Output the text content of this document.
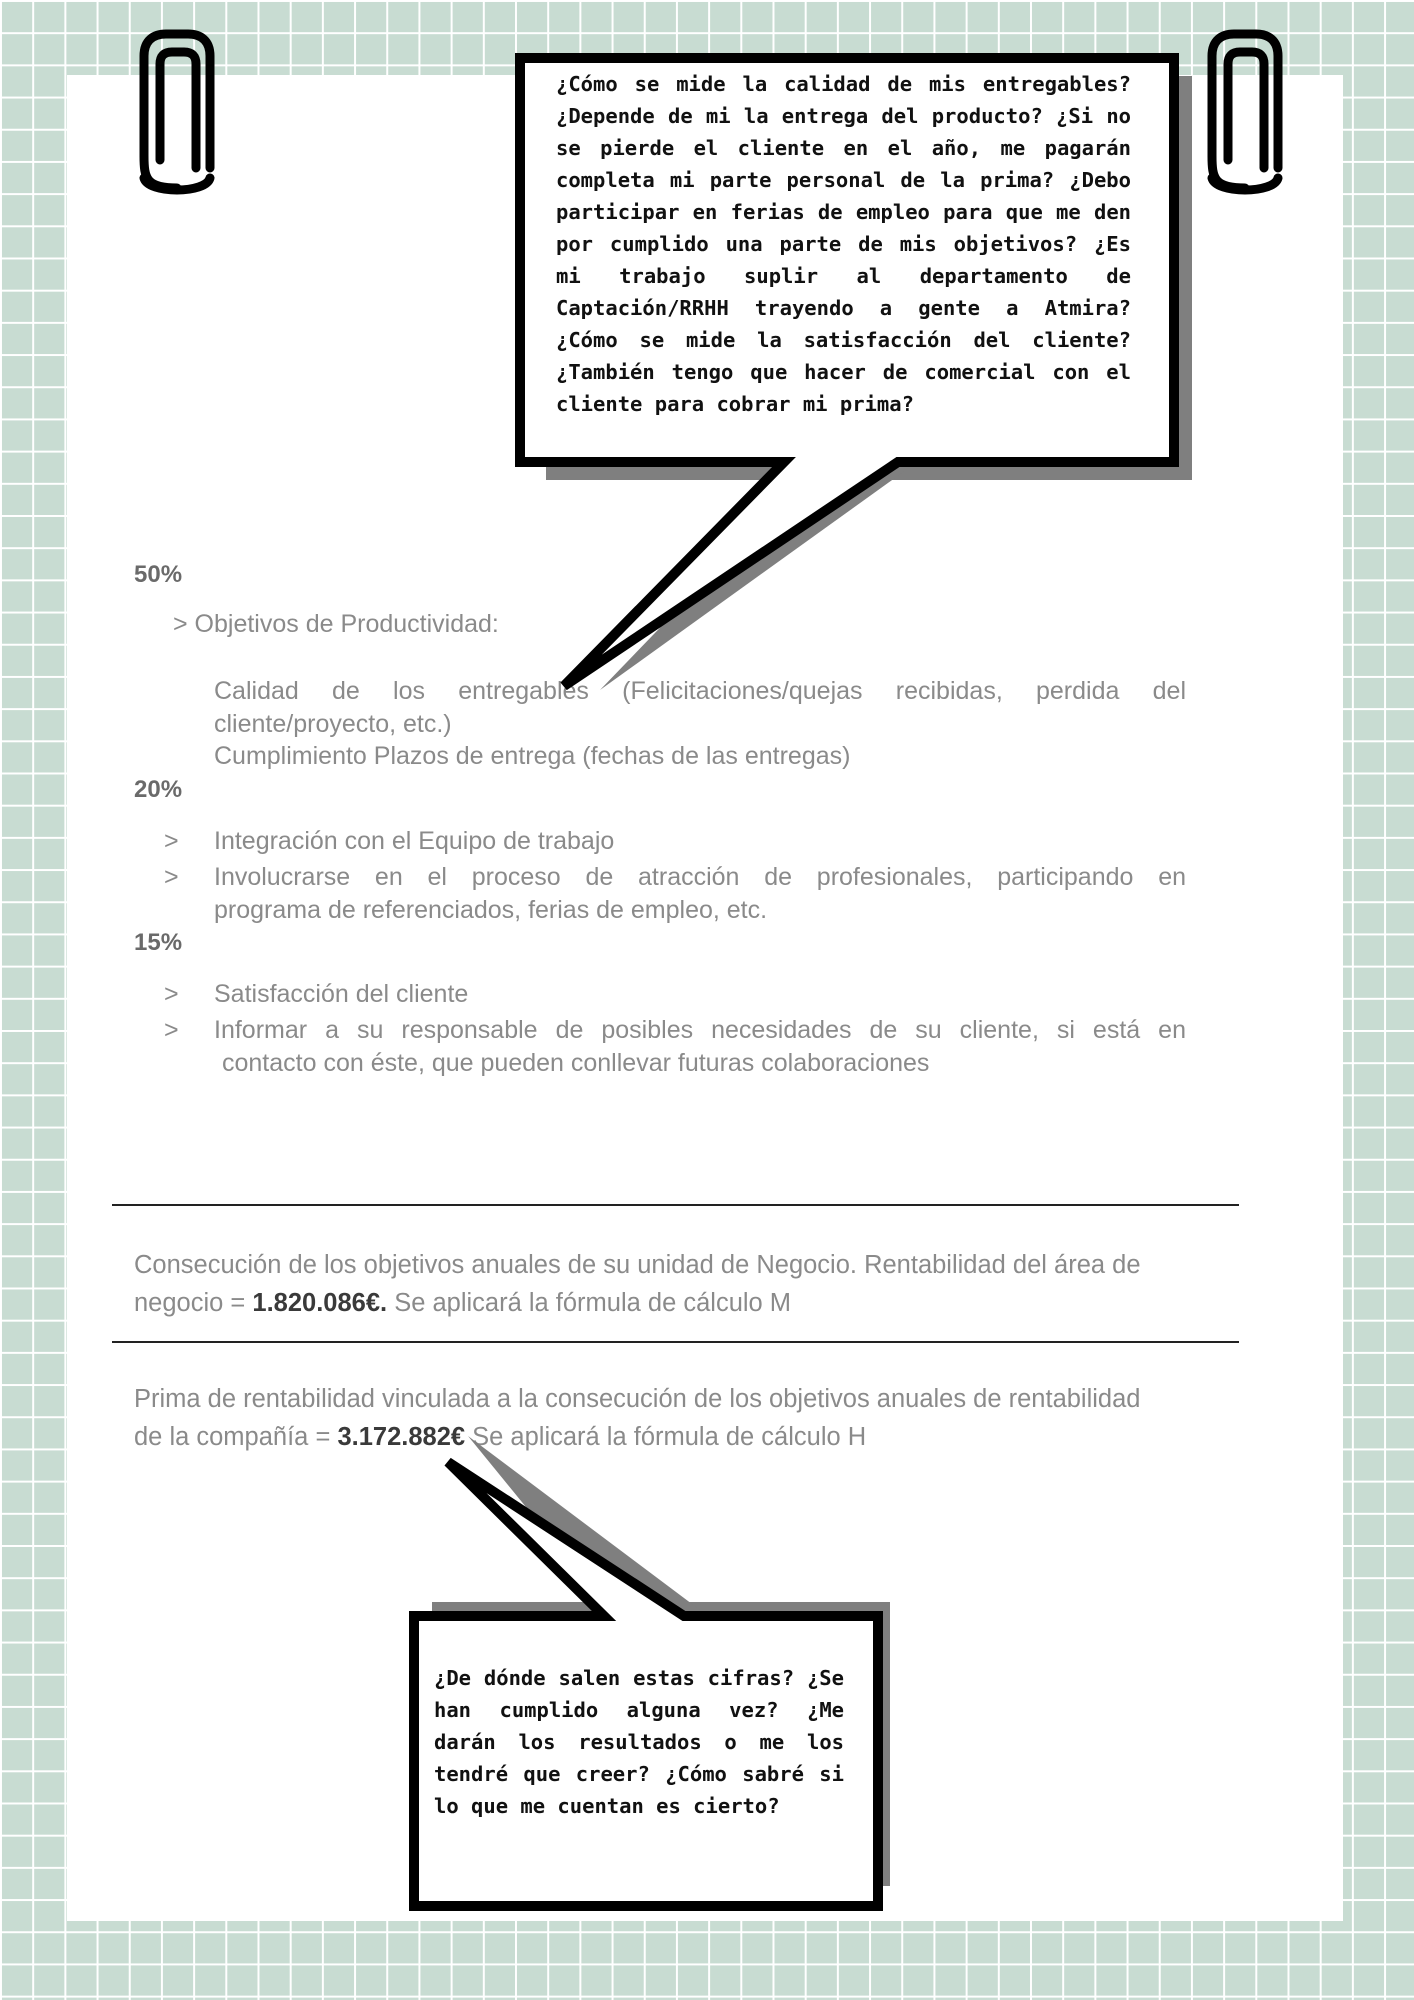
50%
> Objetivos de Productividad:
Calidad de los entregables (Felicitaciones/quejas recibidas, perdida del
cliente/proyecto, etc.)
Cumplimiento Plazos de entrega (fechas de las entregas)
20%
> Integración con el Equipo de trabajo
> Involucrarse en el proceso de atracción de profesionales, participando en
programa de referenciados, ferias de empleo, etc.
15%
> Satisfacción del cliente
> Informar a su responsable de posibles necesidades de su cliente, si está en
contacto con éste, que pueden conllevar futuras colaboraciones
Consecución de los objetivos anuales de su unidad de Negocio. Rentabilidad del área de
negocio = 1.820.086€. Se aplicará la fórmula de cálculo M
Prima de rentabilidad vinculada a la consecución de los objetivos anuales de rentabilidad
de la compañía = 3.172.882€ Se aplicará la fórmula de cálculo H
¿Cómo se mide la calidad de mis entregables? ¿Depende de mi la entrega del producto? ¿Si no se pierde el cliente en el año, me pagarán completa mi parte personal de la prima? ¿Debo participar en ferias de empleo para que me den por cumplido una parte de mis objetivos? ¿Es mi trabajo suplir al departamento de Captación/RRHH trayendo a gente a Atmira? ¿Cómo se mide la satisfacción del cliente? ¿También tengo que hacer de comercial con el cliente para cobrar mi prima?
¿De dónde salen estas cifras? ¿Se han cumplido alguna vez? ¿Me darán los resultados o me los tendré que creer? ¿Cómo sabré si lo que me cuentan es cierto?
